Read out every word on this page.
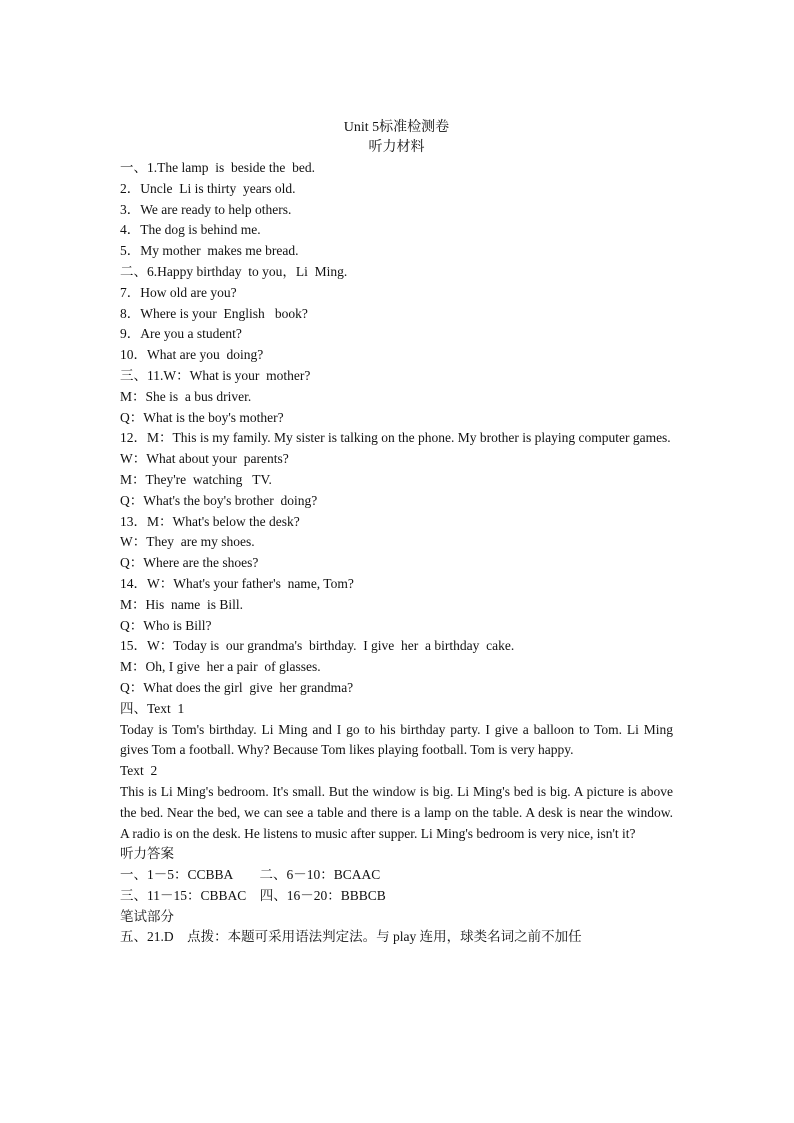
Unit 5标准检测卷
听力材料
一、1.The lamp  is  beside the  bed.
2．Uncle  Li is thirty  years old.
3．We are ready to help others.
4．The dog is behind me.
5．My mother  makes me bread.
二、6.Happy birthday  to you，Li  Ming.
7．How old are you?
8．Where is your  English   book?
9．Are you a student?
10．What are you  doing?
三、11.W：What is your  mother?
M：She is  a bus driver.
Q：What is the boy's mother?
12．M：This is my family. My sister is talking on the phone. My brother is playing computer games.
W：What about your  parents?
M：They're  watching   TV.
Q：What's the boy's brother  doing?
13．M：What's below the desk?
W：They  are my shoes.
Q：Where are the shoes?
14．W：What's your father's  name, Tom?
M：His  name  is Bill.
Q：Who is Bill?
15．W：Today is  our grandma's  birthday.  I give  her  a birthday  cake.
M：Oh, I give  her a pair  of glasses.
Q：What does the girl  give  her grandma?
四、Text  1
Today is Tom's birthday. Li Ming and I go to his birthday party. I give a balloon to Tom. Li Ming gives Tom a football. Why? Because Tom likes playing football. Tom is very happy.
Text  2
This is Li Ming's bedroom. It's small. But the window is big. Li Ming's bed is big. A picture is above the bed. Near the bed, we can see a table and there is a lamp on the table. A desk is near the window. A radio is on the desk. He listens to music after supper. Li Ming's bedroom is very nice, isn't it?
听力答案
一、1－5：CCBBA        二、6－10：BCAAC
三、11－15：CBBAC    四、16－20：BBBCB
笔试部分
五、21.D    点拨：本题可采用语法判定法。与 play 连用，球类名词之前不加任
